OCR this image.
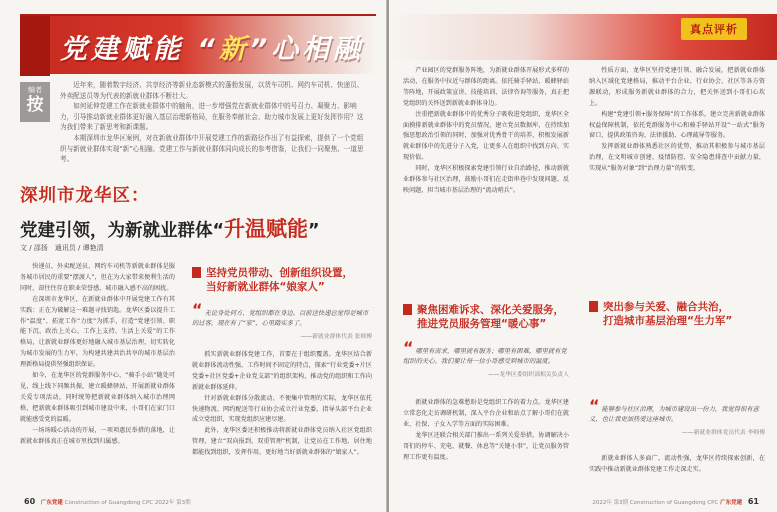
党建赋能 “新”心相融
编者
按

近年来，随着数字经济、共享经济等新业态新模式的蓬勃发展，以货车司机、网约车司机、快递员、外卖配送员等为代表的新就业群体不断壮大。

如何延伸党建工作在新就业群体中的触角，进一步增强党在新就业群体中的号召力、凝聚力、影响力，引导推动新就业群体更好融入基层治理新格局，在服务奉献社会、助力城市发展上更好发挥作用？这为我们带来了新思考和新课题。

本期深圳市龙华区案例，对在新就业群体中开展党建工作的新路径作出了有益探索，提供了一个党组织与新就业群体实现“新”心相融、党建工作与新就业群体同向成长的参考借鉴，让我们一同聚焦、一道思考。

深圳市龙华区：
党建引领，为新就业群体“升温赋能”
文 / 邵扬　通讯员 / 谭艳清

快递员、外卖配送员、网约车司机等新就业群体是服务城市居民的重要“摆渡人”，但在为大家带来便利生活的同时，却往往存在职业荣誉感、城市融入感不高的困扰。

在深圳市龙华区，在新就业群体中开展党建工作有其实践：正在为破解这一难题寻找钥匙。龙华区委以提升工作“温度”、拓宽工作“力度”为抓手，打造“党建引领、职能下沉、政治上关心、工作上支持、生活上关爱”的工作格局，让新就业群体更好地融入城市基层治理，切实转化为城市发展的生力军，为构建共建共治共享的城市基层治理新格局提供坚强组织保证。

如今，在龙华区的党群服务中心、“骑手小站”随处可见，线上线下同频共振，建立暖蜂驿站，开展新就业群体关爱专项活动，同时统筹把新就业群体纳入城市治理网格，把新就业群体吸引到城市建设中来，小哥们在家门口就能感受党的温暖。

一场场暖心活动的开展，一项项惠民举措的落地，让新就业群体真正在城市里找到归属感。

坚持党员带动、创新组织设置，
当好新就业群体“娘家人”
“ 无论身处何方，党组织都在身边。以前送快递总觉得是城市的过客，现在有了“家”，心里踏实多了。
——新就业群体代表 张师傅

抓实新就业群体党建工作，首要在于组织覆盖。龙华区结合新就业群体流动性强、工作时间不固定的特点，探索“行业党委+片区党委+社区党委+企业党支部”的组织架构，推动党的组织和工作向新就业群体延伸。

针对新就业群体分散流动、不便集中管理的实际，龙华区依托快递物流、网约配送等行业协会成立行业党委，指导头部平台企业成立党组织，实现党组织应建尽建。

此外，龙华区委还积极推动将新就业群体党员纳入社区党组织管理，建立“双向报到、双重管理”机制，让党员在工作地、居住地都能找到组织、发挥作用，更好地当好新就业群体的“娘家人”。

60 广东党建 Construction of Guangdong CPC 2022年 第3期
真点评析

产业园区的党群服务阵地，为新就业群体开展形式多样的活动，在服务中拉近与群体的距离。依托骑手驿站、暖蜂驿站等阵地，开展政策宣讲、技能培训、法律咨询等服务，真正把党组织的关怀送到新就业群体身边。

注重把新就业群体中的优秀分子吸收进党组织，龙华区全面摸排新就业群体中的党员情况，建立党员数据库，在持续加强思想政治引领的同时，加强对优秀骨干的培养，积极发展新就业群体中的先进分子入党，让更多人在组织中找到方向、实现价值。

同时，龙华区积极探索党建引领行业自治路径，推动新就业群体参与社区治理，鼓励小哥们在走街串巷中发现问题、反映问题，担当城市基层治理的“流动哨兵”。

聚焦困难诉求、深化关爱服务，
推进党员服务管理“暖心事”
“ 哪里有需求，哪里就有服务；哪里有困难，哪里就有党组织的关心。我们要让每一位小哥感受到城市的温度。
——龙华区委组织部相关负责人

新就业群体的急难愁盼是党组织工作的着力点。龙华区建立常态化走访调研机制，深入平台企业和站点了解小哥们在就业、社保、子女入学等方面的实际困难。

龙华区还联合相关部门推出一系列关爱举措，协调解决小哥们的停车、充电、就餐、休息等“关键小事”，让党员服务管理工作更有温度。

性质方面，龙华区坚持党建引领、融合发展，把新就业群体纳入区域化党建格局，推动平台企业、行业协会、社区等各方资源联动，形成服务新就业群体的合力，把关怀送到小哥们心坎上。

构建“党建引领+服务保障”的工作体系，建立完善新就业群体权益保障机制，依托党群服务中心和骑手驿站开设“一站式”服务窗口，提供政策咨询、法律援助、心理疏导等服务。

发挥新就业群体熟悉社区的优势，推动其积极参与城市基层治理，在文明城市创建、疫情防控、安全隐患排查中贡献力量，实现从“服务对象”到“治理力量”的转变。

突出参与关爱、融合共治，
打造城市基层治理“生力军”
“ 能够参与社区治理，为城市建设出一份力，我觉得很有意义，也让我更加热爱这座城市。
——新就业群体党员代表 李师傅

新就业群体人多面广、流动性强，龙华区持续探索创新，在实践中推动新就业群体党建工作走深走实。

2022年 第3期 Construction of Guangdong CPC 广东党建 61
